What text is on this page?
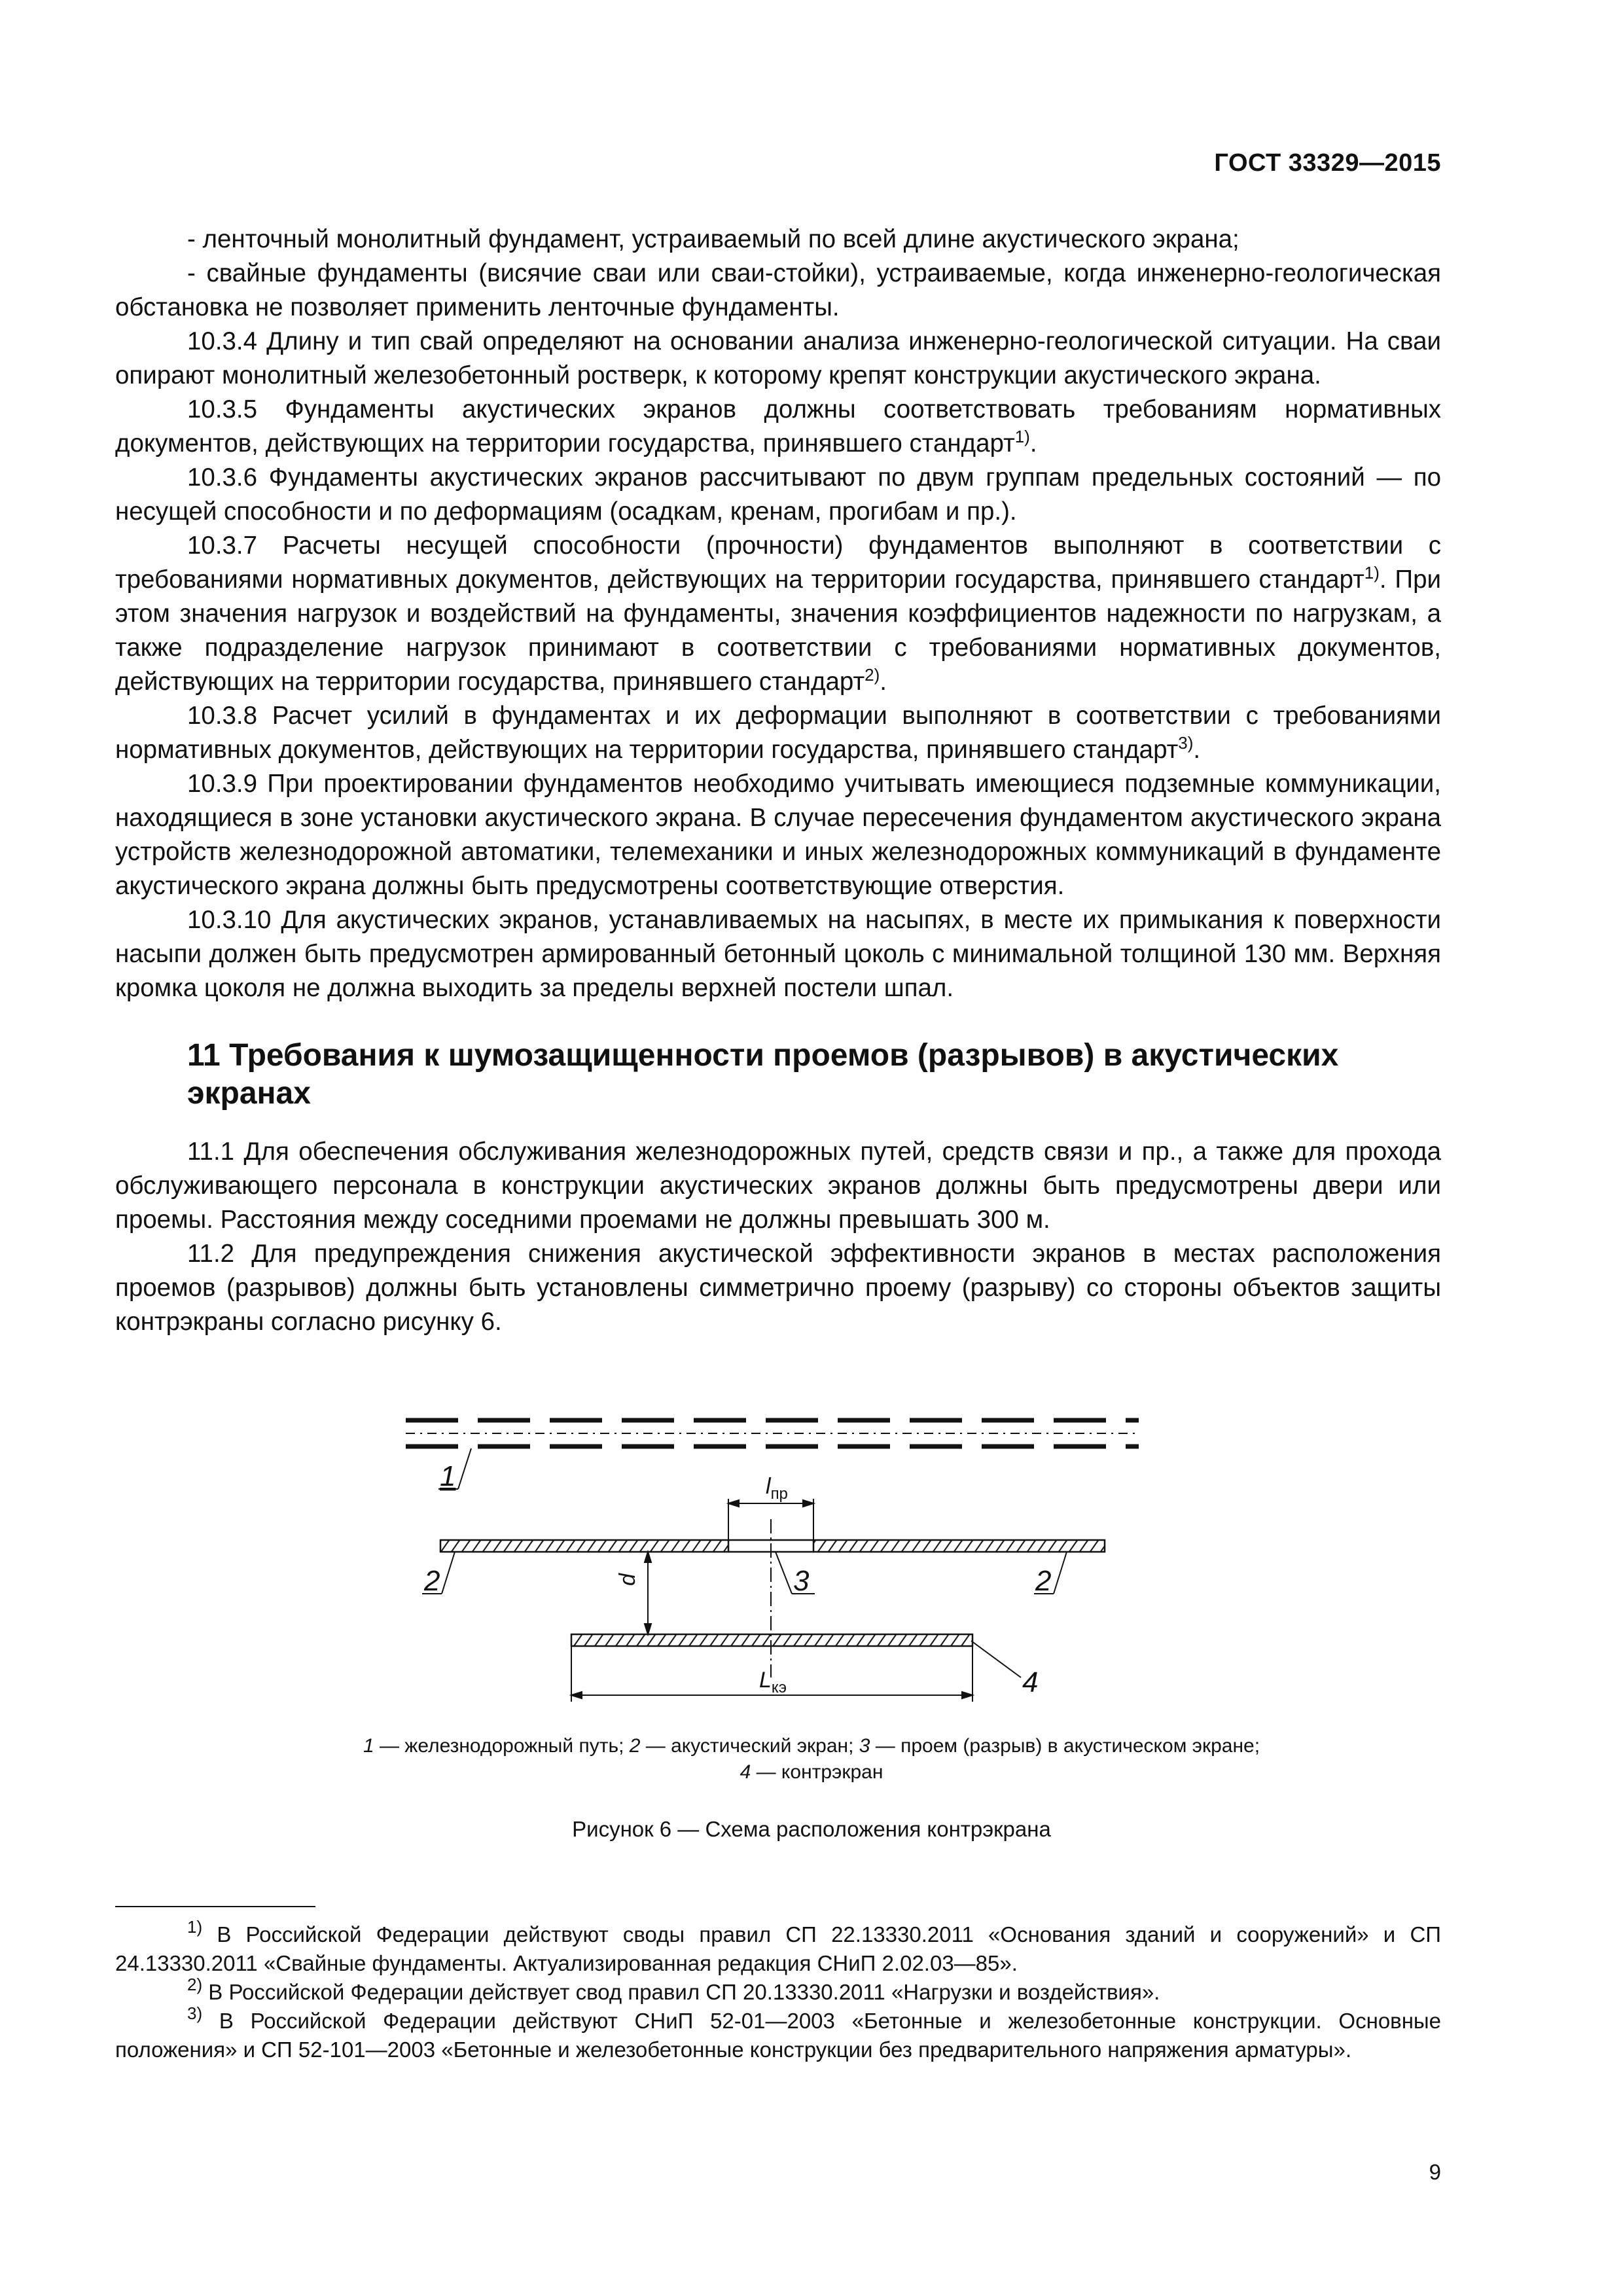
ГОСТ 33329—2015

- ленточный монолитный фундамент, устраиваемый по всей длине акустического экрана;

- свайные фундаменты (висячие сваи или сваи-стойки), устраиваемые, когда инженерно-геологическая обстановка не позволяет применить ленточные фундаменты.

10.3.4 Длину и тип свай определяют на основании анализа инженерно-геологической ситуации. На сваи опирают монолитный железобетонный ростверк, к которому крепят конструкции акустического экрана.

10.3.5 Фундаменты акустических экранов должны соответствовать требованиям нормативных документов, действующих на территории государства, принявшего стандарт$^{1)}$.

10.3.6 Фундаменты акустических экранов рассчитывают по двум группам предельных состояний — по несущей способности и по деформациям (осадкам, кренам, прогибам и пр.).

10.3.7 Расчеты несущей способности (прочности) фундаментов выполняют в соответствии с требованиями нормативных документов, действующих на территории государства, принявшего стандарт$^{1)}$. При этом значения нагрузок и воздействий на фундаменты, значения коэффициентов надежности по нагрузкам, а также подразделение нагрузок принимают в соответствии с требованиями нормативных документов, действующих на территории государства, принявшего стандарт$^{2)}$.

10.3.8 Расчет усилий в фундаментах и их деформации выполняют в соответствии с требованиями нормативных документов, действующих на территории государства, принявшего стандарт$^{3)}$.

10.3.9 При проектировании фундаментов необходимо учитывать имеющиеся подземные коммуникации, находящиеся в зоне установки акустического экрана. В случае пересечения фундаментом акустического экрана устройств железнодорожной автоматики, телемеханики и иных железнодорожных коммуникаций в фундаменте акустического экрана должны быть предусмотрены соответствующие отверстия.

10.3.10 Для акустических экранов, устанавливаемых на насыпях, в месте их примыкания к поверхности насыпи должен быть предусмотрен армированный бетонный цоколь с минимальной толщиной 130 мм. Верхняя кромка цоколя не должна выходить за пределы верхней постели шпал.

11 Требования к шумозащищенности проемов (разрывов) в акустических экранах

11.1 Для обеспечения обслуживания железнодорожных путей, средств связи и пр., а также для прохода обслуживающего персонала в конструкции акустических экранов должны быть предусмотрены двери или проемы. Расстояния между соседними проемами не должны превышать 300 м.

11.2 Для предупреждения снижения акустической эффективности экранов в местах расположения проемов (разрывов) должны быть установлены симметрично проему (разрыву) со стороны объектов защиты контрэкраны согласно рисунку 6.

$l_{пр}$
d
$L_{кэ}$
1
2	3	2
4
1 — железнодорожный путь; 2 — акустический экран; 3 — проем (разрыв) в акустическом экране;
4 — контрэкран
Рисунок 6 — Схема расположения контрэкрана

$^{1)}$ В Российской Федерации действуют своды правил СП 22.13330.2011 «Основания зданий и сооружений» и СП 24.13330.2011 «Свайные фундаменты. Актуализированная редакция СНиП 2.02.03—85».

$^{2)}$ В Российской Федерации действует свод правил СП 20.13330.2011 «Нагрузки и воздействия».

$^{3)}$ В Российской Федерации действуют СНиП 52-01—2003 «Бетонные и железобетонные конструкции. Основные положения» и СП 52-101—2003 «Бетонные и железобетонные конструкции без предварительного напряжения арматуры».

9
